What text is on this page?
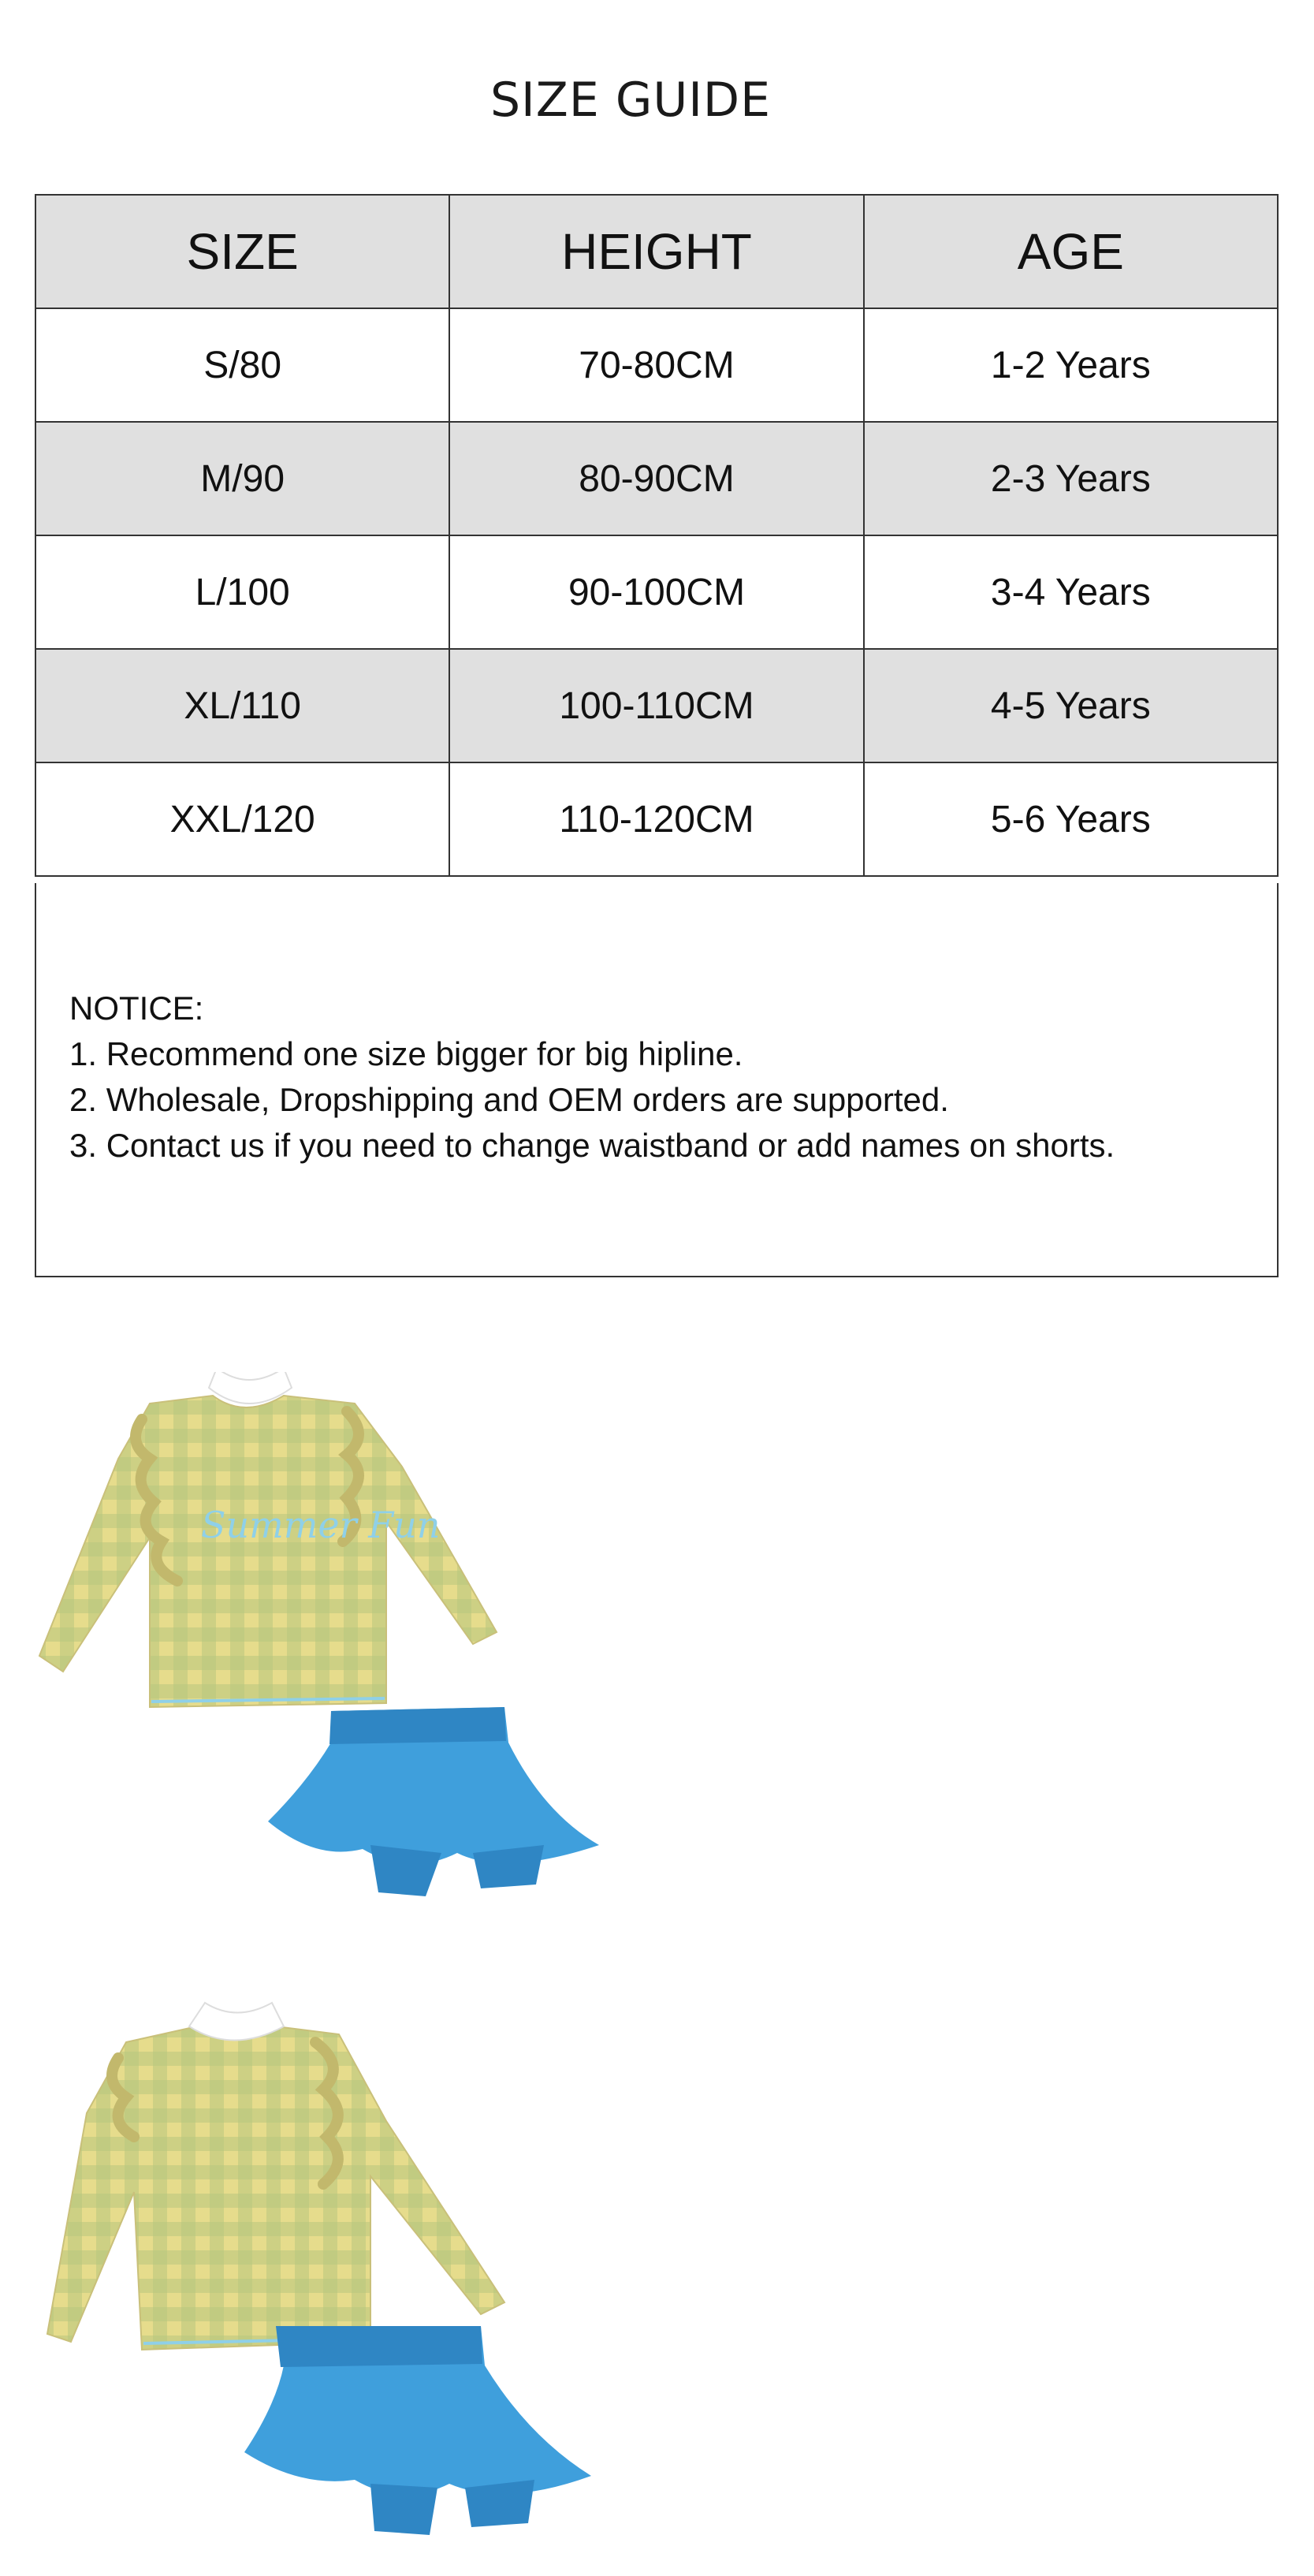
SIZE GUIDE
SIZE	HEIGHT	AGE
S/80	70-80CM	1-2 Years
M/90	80-90CM	2-3 Years
L/100	90-100CM	3-4 Years
XL/110	100-110CM	4-5 Years
XXL/120	110-120CM	5-6 Years
NOTICE:
1. Recommend one size bigger for big hipline.
2. Wholesale, Dropshipping and OEM orders are supported.
3. Contact us if you need to change waistband or add names on shorts.
Summer Fun
